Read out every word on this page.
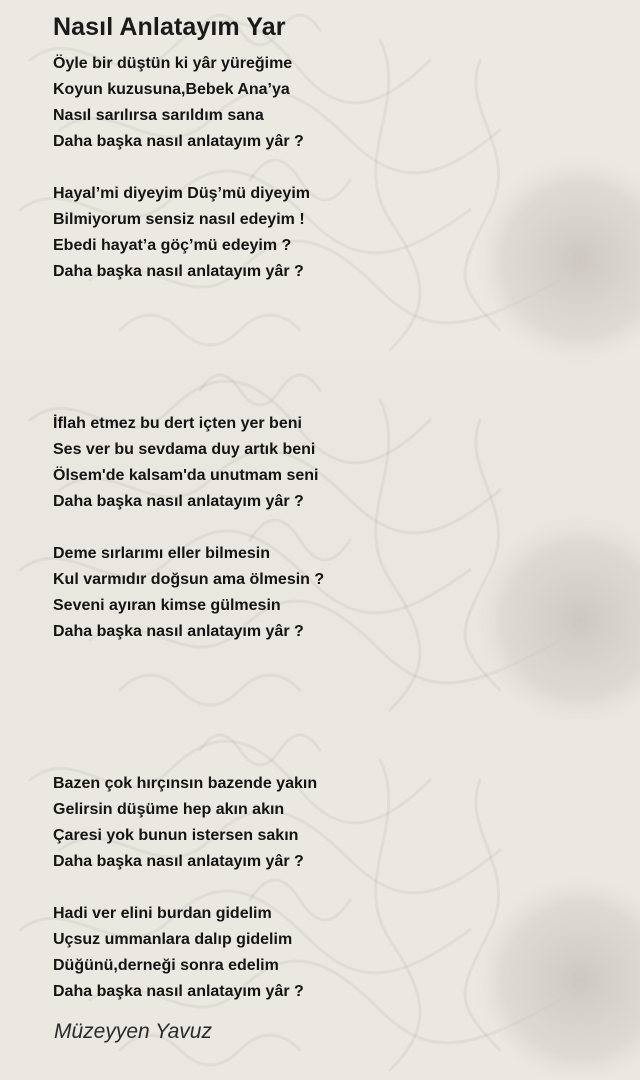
Nasıl Anlatayım Yar
Öyle bir düştün ki yâr yüreğime
Koyun kuzusuna,Bebek Ana’ya
Nasıl sarılırsa sarıldım sana
Daha başka nasıl anlatayım yâr ?
Hayal’mi diyeyim Düş’mü diyeyim
Bilmiyorum sensiz nasıl edeyim !
Ebedi hayat’a göç’mü edeyim ?
Daha başka nasıl anlatayım yâr ?
İflah etmez bu dert içten yer beni
Ses ver bu sevdama duy artık beni
Ölsem'de kalsam'da unutmam seni
Daha başka nasıl anlatayım yâr ?
Deme sırlarımı eller bilmesin
Kul varmıdır doğsun ama ölmesin ?
Seveni ayıran kimse gülmesin
Daha başka nasıl anlatayım yâr ?
Bazen çok hırçınsın bazende yakın
Gelirsin düşüme hep akın akın
Çaresi yok bunun istersen sakın
Daha başka nasıl anlatayım yâr ?
Hadi ver elini burdan gidelim
Uçsuz ummanlara dalıp gidelim
Düğünü,derneği sonra edelim
Daha başka nasıl anlatayım yâr ?

Müzeyyen Yavuz
